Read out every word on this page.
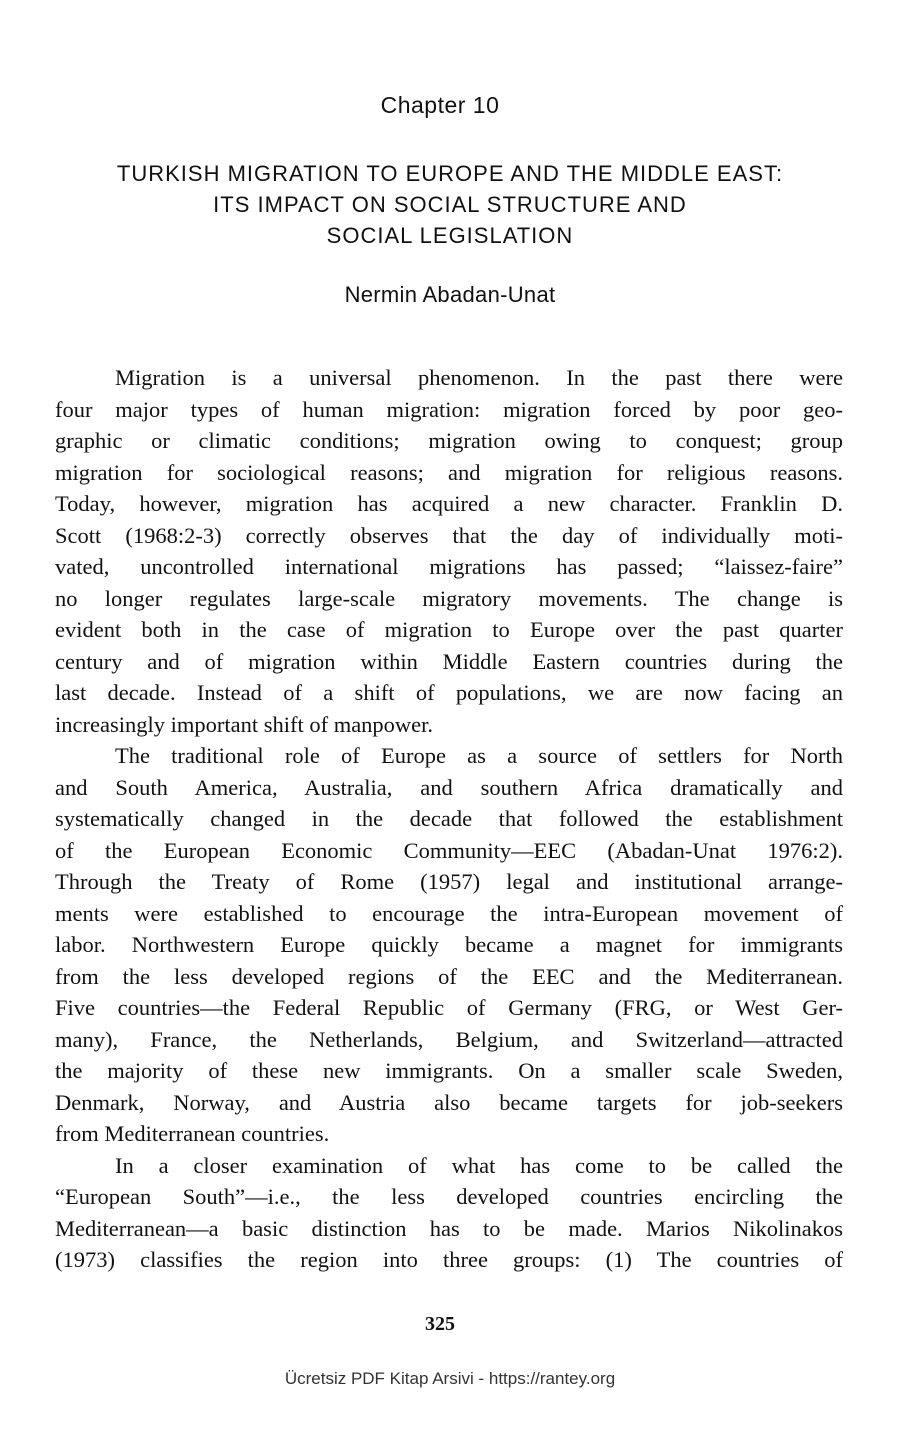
Chapter 10
TURKISH MIGRATION TO EUROPE AND THE MIDDLE EAST:
ITS IMPACT ON SOCIAL STRUCTURE AND
SOCIAL LEGISLATION
Nermin Abadan-Unat
Migration is a universal phenomenon. In the past there were
four major types of human migration: migration forced by poor geo-
graphic or climatic conditions; migration owing to conquest; group
migration for sociological reasons; and migration for religious reasons.
Today, however, migration has acquired a new character. Franklin D.
Scott (1968:2-3) correctly observes that the day of individually moti-
vated, uncontrolled international migrations has passed; “laissez-faire”
no longer regulates large-scale migratory movements. The change is
evident both in the case of migration to Europe over the past quarter
century and of migration within Middle Eastern countries during the
last decade. Instead of a shift of populations, we are now facing an
increasingly important shift of manpower.
The traditional role of Europe as a source of settlers for North
and South America, Australia, and southern Africa dramatically and
systematically changed in the decade that followed the establishment
of the European Economic Community—EEC (Abadan-Unat 1976:2).
Through the Treaty of Rome (1957) legal and institutional arrange-
ments were established to encourage the intra-European movement of
labor. Northwestern Europe quickly became a magnet for immigrants
from the less developed regions of the EEC and the Mediterranean.
Five countries—the Federal Republic of Germany (FRG, or West Ger-
many), France, the Netherlands, Belgium, and Switzerland—attracted
the majority of these new immigrants. On a smaller scale Sweden,
Denmark, Norway, and Austria also became targets for job-seekers
from Mediterranean countries.
In a closer examination of what has come to be called the
“European South”—i.e., the less developed countries encircling the
Mediterranean—a basic distinction has to be made. Marios Nikolinakos
(1973) classifies the region into three groups: (1) The countries of
325
Ücretsiz PDF Kitap Arsivi - https://rantey.org
